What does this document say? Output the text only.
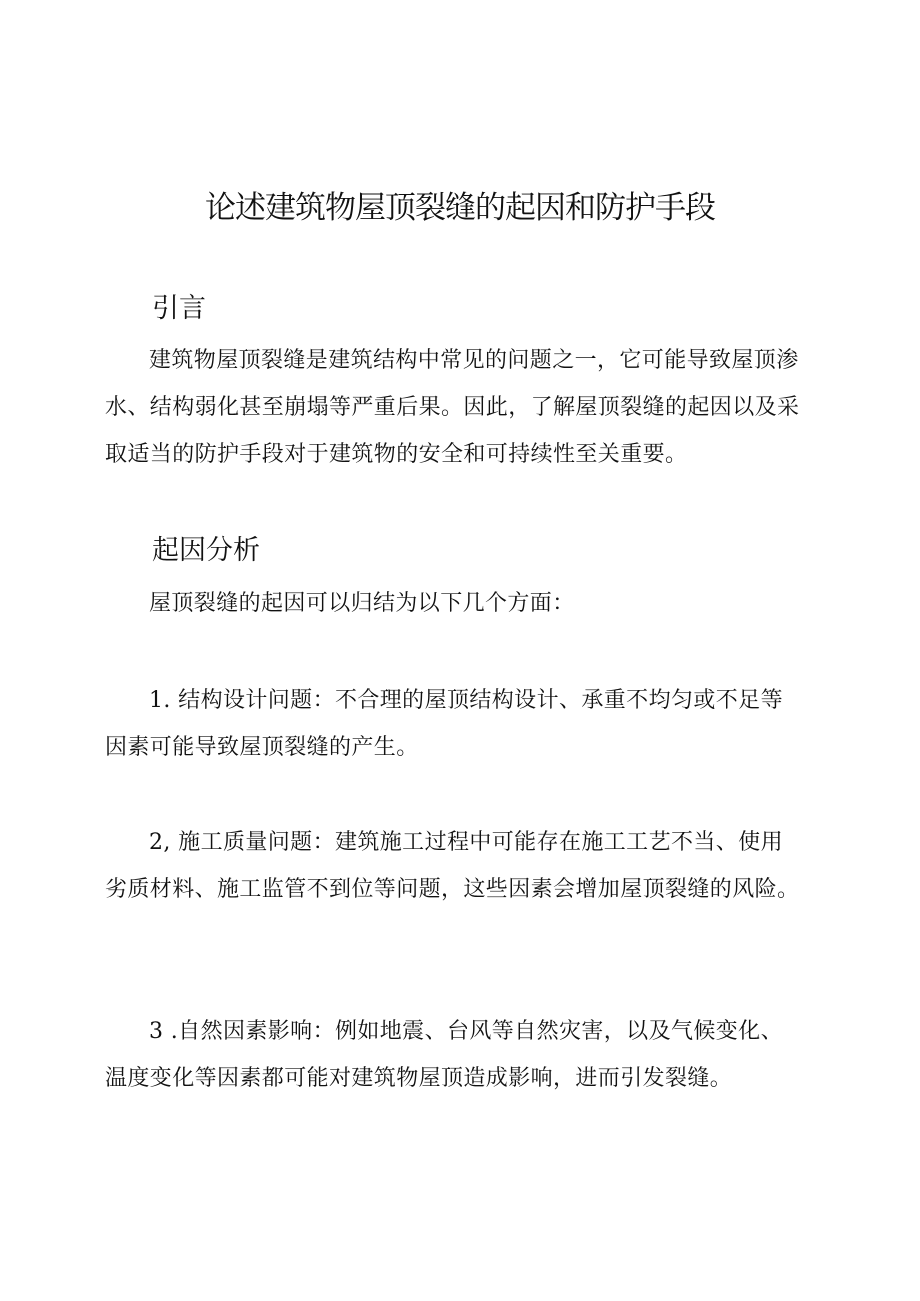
论述建筑物屋顶裂缝的起因和防护手段
引言

建筑物屋顶裂缝是建筑结构中常见的问题之一，它可能导致屋顶渗水、结构弱化甚至崩塌等严重后果。因此，了解屋顶裂缝的起因以及采取适当的防护手段对于建筑物的安全和可持续性至关重要。

起因分析

屋顶裂缝的起因可以归结为以下几个方面：

1. 结构设计问题：不合理的屋顶结构设计、承重不均匀或不足等因素可能导致屋顶裂缝的产生。

2, 施工质量问题：建筑施工过程中可能存在施工工艺不当、使用劣质材料、施工监管不到位等问题，这些因素会增加屋顶裂缝的风险。

3 .自然因素影响：例如地震、台风等自然灾害，以及气候变化、温度变化等因素都可能对建筑物屋顶造成影响，进而引发裂缝。
